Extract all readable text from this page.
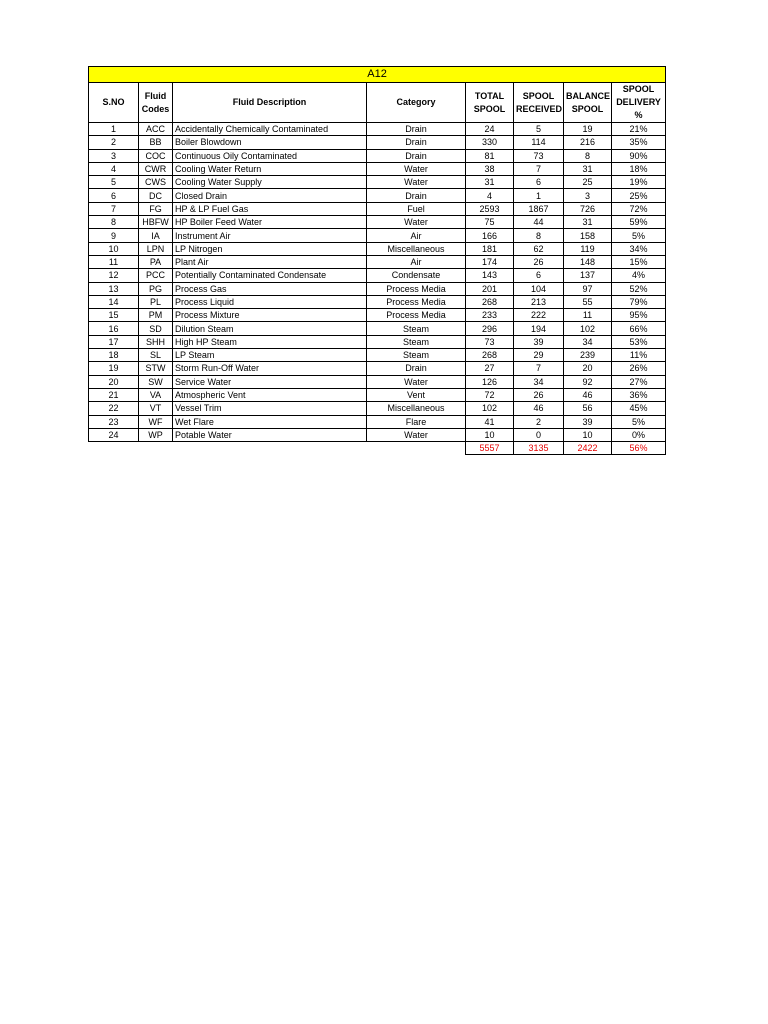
A12							
S.NO	Fluid Codes	Fluid Description	Category	TOTAL SPOOL	SPOOL RECEIVED	BALANCE SPOOL	SPOOL DELIVERY %
1	ACC	Accidentally Chemically Contaminated	Drain	24	5	19	21%
2	BB	Boiler Blowdown	Drain	330	114	216	35%
3	COC	Continuous Oily Contaminated	Drain	81	73	8	90%
4	CWR	Cooling Water Return	Water	38	7	31	18%
5	CWS	Cooling Water Supply	Water	31	6	25	19%
6	DC	Closed Drain	Drain	4	1	3	25%
7	FG	HP & LP Fuel Gas	Fuel	2593	1867	726	72%
8	HBFW	HP Boiler Feed Water	Water	75	44	31	59%
9	IA	Instrument Air	Air	166	8	158	5%
10	LPN	LP Nitrogen	Miscellaneous	181	62	119	34%
11	PA	Plant Air	Air	174	26	148	15%
12	PCC	Potentially Contaminated Condensate	Condensate	143	6	137	4%
13	PG	Process Gas	Process Media	201	104	97	52%
14	PL	Process Liquid	Process Media	268	213	55	79%
15	PM	Process Mixture	Process Media	233	222	11	95%
16	SD	Dilution Steam	Steam	296	194	102	66%
17	SHH	High HP Steam	Steam	73	39	34	53%
18	SL	LP Steam	Steam	268	29	239	11%
19	STW	Storm Run-Off Water	Drain	27	7	20	26%
20	SW	Service Water	Water	126	34	92	27%
21	VA	Atmospheric Vent	Vent	72	26	46	36%
22	VT	Vessel Trim	Miscellaneous	102	46	56	45%
23	WF	Wet Flare	Flare	41	2	39	5%
24	WP	Potable Water	Water	10	0	10	0%
				5557	3135	2422	56%
